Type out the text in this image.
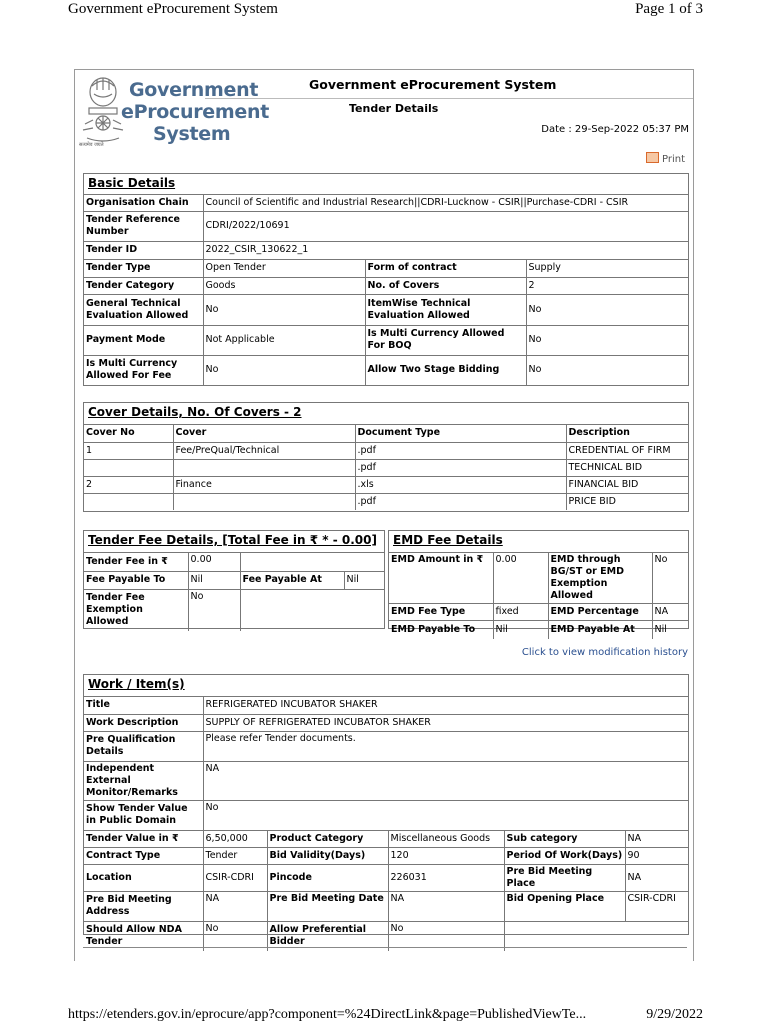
Government eProcurement System	Page 1 of 3
सत्यमेव जयते
Government
eProcurement
System
Government eProcurement System
Tender Details
Date : 29-Sep-2022 05:37 PM
Print
Basic Details
Organisation Chain	Council of Scientific and Industrial Research||CDRI-Lucknow - CSIR||Purchase-CDRI - CSIR		
Tender Reference Number	CDRI/2022/10691		
Tender ID	2022_CSIR_130622_1		
Tender Type	Open Tender	Form of contract	Supply
Tender Category	Goods	No. of Covers	2
General Technical Evaluation Allowed	No	ItemWise Technical Evaluation Allowed	No
Payment Mode	Not Applicable	Is Multi Currency Allowed For BOQ	No
Is Multi Currency Allowed For Fee	No	Allow Two Stage Bidding	No
Cover Details, No. Of Covers - 2
Cover No	Cover	Document Type	Description
1	Fee/PreQual/Technical	.pdf	CREDENTIAL OF FIRM
		.pdf	TECHNICAL BID
2	Finance	.xls	FINANCIAL BID
		.pdf	PRICE BID
Tender Fee Details, [Total Fee in ₹ * - 0.00]
Tender Fee in ₹	0.00		
Fee Payable To	Nil	Fee Payable At	Nil
Tender Fee Exemption Allowed	No		
EMD Fee Details
EMD Amount in ₹	0.00	EMD through BG/ST or EMD Exemption Allowed	No
EMD Fee Type	fixed	EMD Percentage	NA
EMD Payable To	Nil	EMD Payable At	Nil
Click to view modification history
Work / Item(s)
Title	REFRIGERATED INCUBATOR SHAKER				
Work Description	SUPPLY OF REFRIGERATED INCUBATOR SHAKER				
Pre Qualification Details	Please refer Tender documents.				
Independent External Monitor/Remarks	NA				
Show Tender Value in Public Domain	No				
Tender Value in ₹	6,50,000	Product Category	Miscellaneous Goods	Sub category	NA
Contract Type	Tender	Bid Validity(Days)	120	Period Of Work(Days)	90
Location	CSIR-CDRI	Pincode	226031	Pre Bid Meeting Place	NA
Pre Bid Meeting Address	NA	Pre Bid Meeting Date	NA	Bid Opening Place	CSIR-CDRI
Should Allow NDA Tender	No	Allow Preferential Bidder	No		
https://etenders.gov.in/eprocure/app?component=%24DirectLink&page=PublishedViewTe...	9/29/2022
